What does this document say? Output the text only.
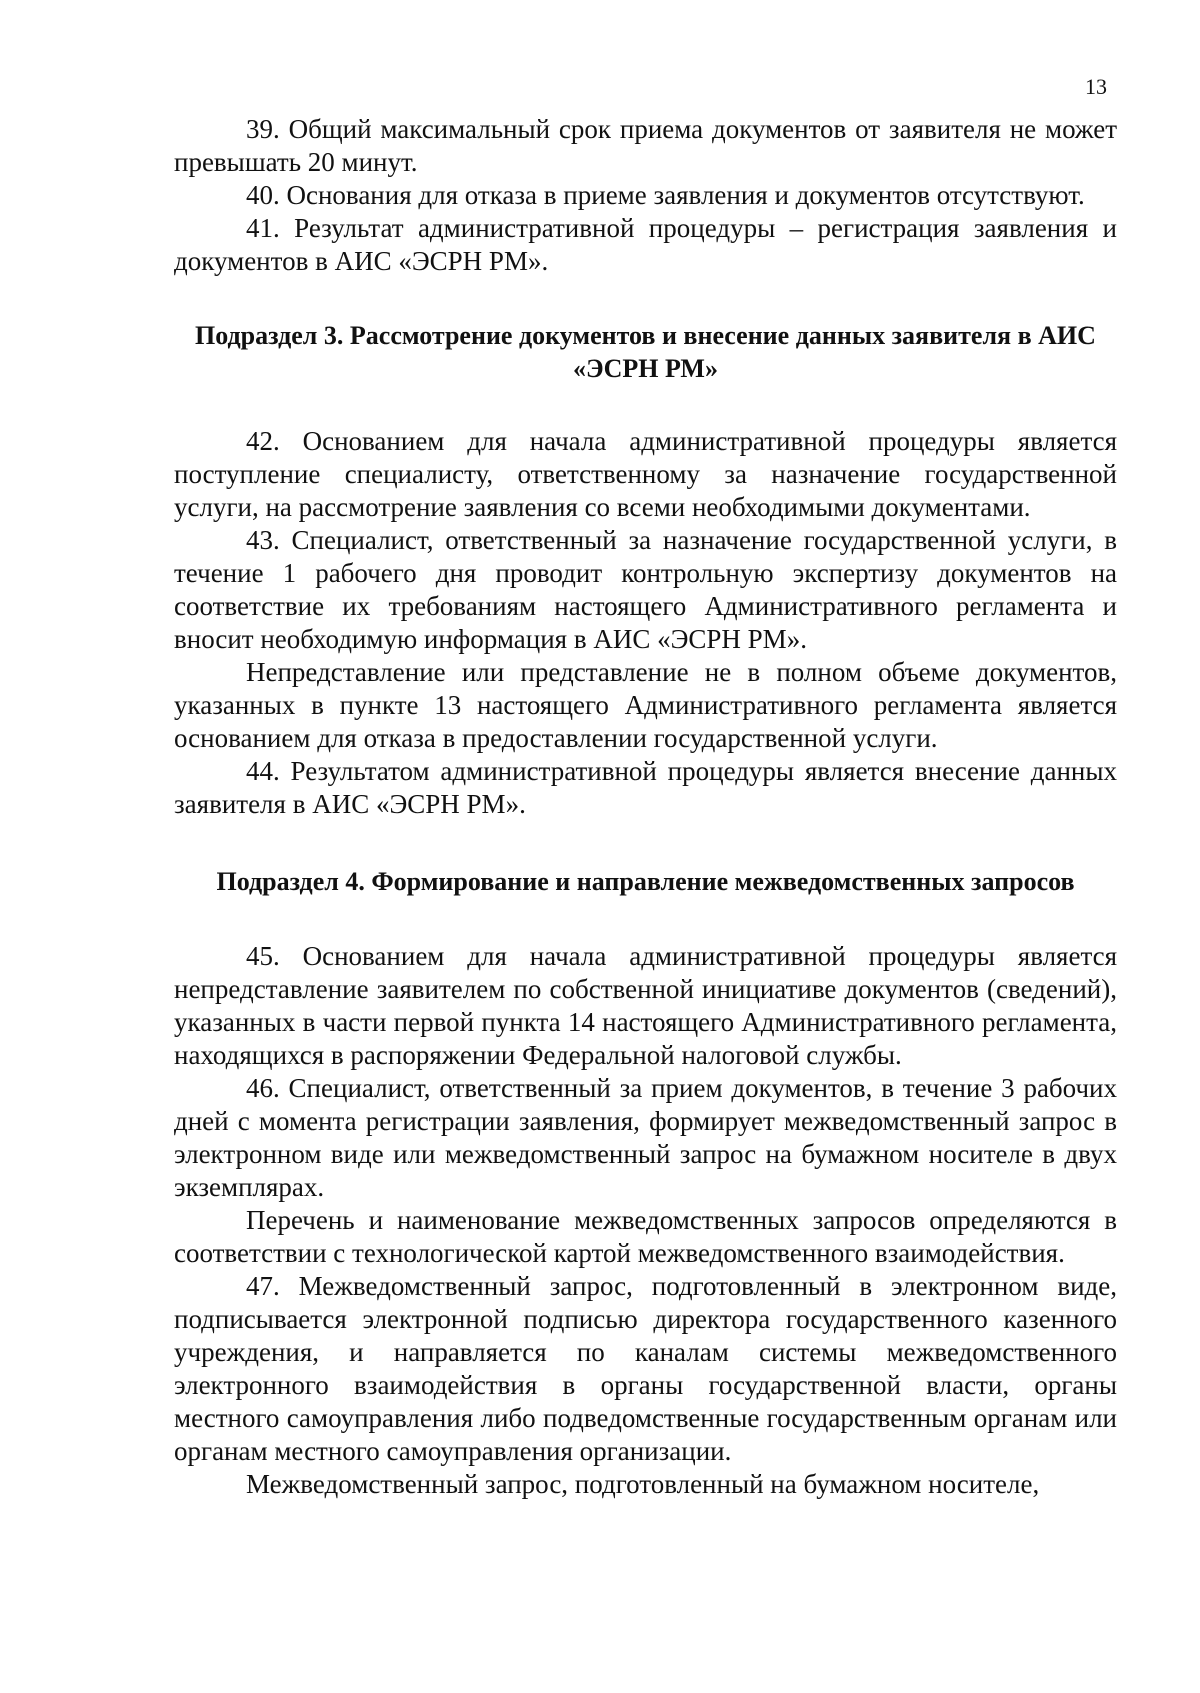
13

39. Общий максимальный срок приема документов от заявителя не может превышать 20 минут.

40. Основания для отказа в приеме заявления и документов отсутствуют.

41. Результат административной процедуры – регистрация заявления и документов в АИС «ЭСРН РМ».

Подраздел 3. Рассмотрение документов и внесение данных заявителя в АИС «ЭСРН РМ»

42. Основанием для начала административной процедуры является поступление специалисту, ответственному за назначение государственной услуги, на рассмотрение заявления со всеми необходимыми документами.

43. Специалист, ответственный за назначение государственной услуги, в течение 1 рабочего дня проводит контрольную экспертизу документов на соответствие их требованиям настоящего Административного регламента и вносит необходимую информация в АИС «ЭСРН РМ».

Непредставление или представление не в полном объеме документов, указанных в пункте 13 настоящего Административного регламента является основанием для отказа в предоставлении государственной услуги.

44. Результатом административной процедуры является внесение данных заявителя в АИС «ЭСРН РМ».

Подраздел 4. Формирование и направление межведомственных запросов

45. Основанием для начала административной процедуры является непредставление заявителем по собственной инициативе документов (сведений), указанных в части первой пункта 14 настоящего Административного регламента, находящихся в распоряжении Федеральной налоговой службы.

46. Специалист, ответственный за прием документов, в течение 3 рабочих дней с момента регистрации заявления, формирует межведомственный запрос в электронном виде или межведомственный запрос на бумажном носителе в двух экземплярах.

Перечень и наименование межведомственных запросов определяются в соответствии с технологической картой межведомственного взаимодействия.

47. Межведомственный запрос, подготовленный в электронном виде, подписывается электронной подписью директора государственного казенного учреждения, и направляется по каналам системы межведомственного электронного взаимодействия в органы государственной власти, органы местного самоуправления либо подведомственные государственным органам или органам местного самоуправления организации.

Межведомственный запрос, подготовленный на бумажном носителе,
